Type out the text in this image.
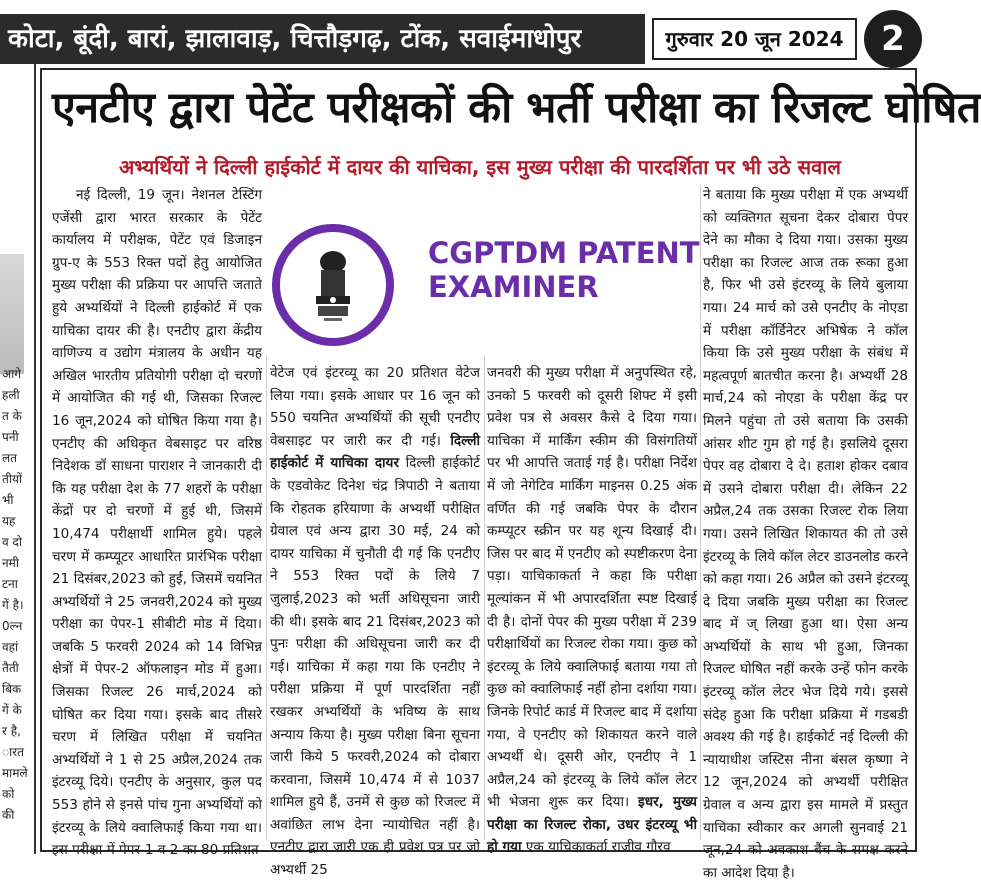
कोटा, बूंदी, बारां, झालावाड़, चित्तौड़गढ़, टोंक, सवाईमाधोपुर	गुरुवार 20 जून 2024	2
आगे
हली
त के
पनी
लत
तीयों
भी
यह
व दो
नमी
टना
गें है।
0ल्न
वहां
तैती
बिक
गें के
र है,
ारत
मामले
को
की
एनटीए द्वारा पेटेंट परीक्षकों की भर्ती परीक्षा का रिजल्ट घोषित
अभ्यर्थियों ने दिल्ली हाईकोर्ट में दायर की याचिका, इस मुख्य परीक्षा की पारदर्शिता पर भी उठे सवाल
CGPTDM PATENT
EXAMINER

नई दिल्ली, 19 जून। नेशनल टेस्टिंग एजेंसी द्वारा भारत सरकार के पेटेंट कार्यालय में परीक्षक, पेटेंट एवं डिजाइन ग्रुप-ए के 553 रिक्त पदों हेतु आयोजित मुख्य परीक्षा की प्रक्रिया पर आपत्ति जताते हुये अभ्यर्थियों ने दिल्ली हाईकोर्ट में एक याचिका दायर की है। एनटीए द्वारा केंद्रीय वाणिज्य व उद्योग मंत्रालय के अधीन यह अखिल भारतीय प्रतियोगी परीक्षा दो चरणों में आयोजित की गई थी, जिसका रिजल्ट 16 जून,2024 को घोषित किया गया है। एनटीए की अधिकृत वेबसाइट पर वरिष्ठ निदेशक डॉ साधना पाराशर ने जानकारी दी कि यह परीक्षा देश के 77 शहरों के परीक्षा केंद्रों पर दो चरणों में हुई थी, जिसमें 10,474 परीक्षार्थी शामिल हुये। पहले चरण में कम्प्यूटर आधारित प्रारंभिक परीक्षा 21 दिसंबर,2023 को हुई, जिसमें चयनित अभ्यर्थियों ने 25 जनवरी,2024 को मुख्य परीक्षा का पेपर-1 सीबीटी मोड में दिया। जबकि 5 फरवरी 2024 को 14 विभिन्न क्षेत्रों में पेपर-2 ऑफलाइन मोड में हुआ। जिसका रिजल्ट 26 मार्च,2024 को घोषित कर दिया गया। इसके बाद तीसरे चरण में लिखित परीक्षा में चयनित अभ्यर्थियों ने 1 से 25 अप्रैल,2024 तक इंटरव्यू दिये। एनटीए के अनुसार, कुल पद 553 होने से इनसे पांच गुना अभ्यर्थियों को इंटरव्यू के लिये क्वालिफाई किया गया था। इस परीक्षा में पेपर-1 व 2 का 80 प्रतिशत

वेटेज एवं इंटरव्यू का 20 प्रतिशत वेटेज लिया गया। इसके आधार पर 16 जून को 550 चयनित अभ्यर्थियों की सूची एनटीए वेबसाइट पर जारी कर दी गई। दिल्ली हाईकोर्ट में याचिका दायर दिल्ली हाईकोर्ट के एडवोकेट दिनेश चंद्र त्रिपाठी ने बताया कि रोहतक हरियाणा के अभ्यर्थी परीक्षित ग्रेवाल एवं अन्य द्वारा 30 मई, 24 को दायर याचिका में चुनौती दी गई कि एनटीए ने 553 रिक्त पदों के लिये 7 जुलाई,2023 को भर्ती अधिसूचना जारी की थी। इसके बाद 21 दिसंबर,2023 को पुनः परीक्षा की अधिसूचना जारी कर दी गई। याचिका में कहा गया कि एनटीए ने परीक्षा प्रक्रिया में पूर्ण पारदर्शिता नहीं रखकर अभ्यर्थियों के भविष्य के साथ अन्याय किया है। मुख्य परीक्षा बिना सूचना जारी किये 5 फरवरी,2024 को दोबारा करवाना, जिसमें 10,474 में से 1037 शामिल हुये हैं, उनमें से कुछ को रिजल्ट में अवांछित लाभ देना न्यायोचित नहीं है। एनटीए द्वारा जारी एक ही प्रवेश पत्र पर जो अभ्यर्थी 25

जनवरी की मुख्य परीक्षा में अनुपस्थित रहे, उनको 5 फरवरी को दूसरी शिफ्ट में इसी प्रवेश पत्र से अवसर कैसे दे दिया गया। याचिका में मार्किंग स्कीम की विसंगतियों पर भी आपत्ति जताई गई है। परीक्षा निर्देश में जो नेगेटिव मार्किंग माइनस 0.25 अंक वर्णित की गई जबकि पेपर के दौरान कम्प्यूटर स्क्रीन पर यह शून्य दिखाई दी। जिस पर बाद में एनटीए को स्पष्टीकरण देना पड़ा। याचिकाकर्ता ने कहा कि परीक्षा मूल्यांकन में भी अपारदर्शिता स्पष्ट दिखाई दी है। दोनों पेपर की मुख्य परीक्षा में 239 परीक्षार्थियों का रिजल्ट रोका गया। कुछ को इंटरव्यू के लिये क्वालिफाई बताया गया तो कुछ को क्वालिफाई नहीं होना दर्शाया गया। जिनके रिपोर्ट कार्ड में रिजल्ट बाद में दर्शाया गया, वे एनटीए को शिकायत करने वाले अभ्यर्थी थे। दूसरी ओर, एनटीए ने 1 अप्रैल,24 को इंटरव्यू के लिये कॉल लेटर भी भेजना शुरू कर दिया। इधर, मुख्य परीक्षा का रिजल्ट रोका, उधर इंटरव्यू भी हो गया एक याचिकाकर्ता राजीव गौरव

ने बताया कि मुख्य परीक्षा में एक अभ्यर्थी को व्यक्तिगत सूचना देकर दोबारा पेपर देने का मौका दे दिया गया। उसका मुख्य परीक्षा का रिजल्ट आज तक रूका हुआ है, फिर भी उसे इंटरव्यू के लिये बुलाया गया। 24 मार्च को उसे एनटीए के नोएडा में परीक्षा कॉर्डिनेटर अभिषेक ने कॉल किया कि उसे मुख्य परीक्षा के संबंध में महत्वपूर्ण बातचीत करना है। अभ्यर्थी 28 मार्च,24 को नोएडा के परीक्षा केंद्र पर मिलने पहुंचा तो उसे बताया कि उसकी आंसर शीट गुम हो गई है। इसलिये दूसरा पेपर वह दोबारा दे दे। हताश होकर दबाव में उसने दोबारा परीक्षा दी। लेकिन 22 अप्रैल,24 तक उसका रिजल्ट रोक लिया गया। उसने लिखित शिकायत की तो उसे इंटरव्यू के लिये कॉल लेटर डाउनलोड करने को कहा गया। 26 अप्रैल को उसने इंटरव्यू दे दिया जबकि मुख्य परीक्षा का रिजल्ट बाद में ज् लिखा हुआ था। ऐसा अन्य अभ्यर्थियों के साथ भी हुआ, जिनका रिजल्ट घोषित नहीं करके उन्हें फोन करके इंटरव्यू कॉल लेटर भेज दिये गये। इससे संदेह हुआ कि परीक्षा प्रक्रिया में गडबडी अवश्य की गई है। हाईकोर्ट नई दिल्ली की न्यायाधीश जस्टिस नीना बंसल कृष्णा ने 12 जून,2024 को अभ्यर्थी परीक्षित ग्रेवाल व अन्य द्वारा इस मामले में प्रस्तुत याचिका स्वीकार कर अगली सुनवाई 21 जून,24 को अवकाश बैंच के समक्ष करने का आदेश दिया है।
